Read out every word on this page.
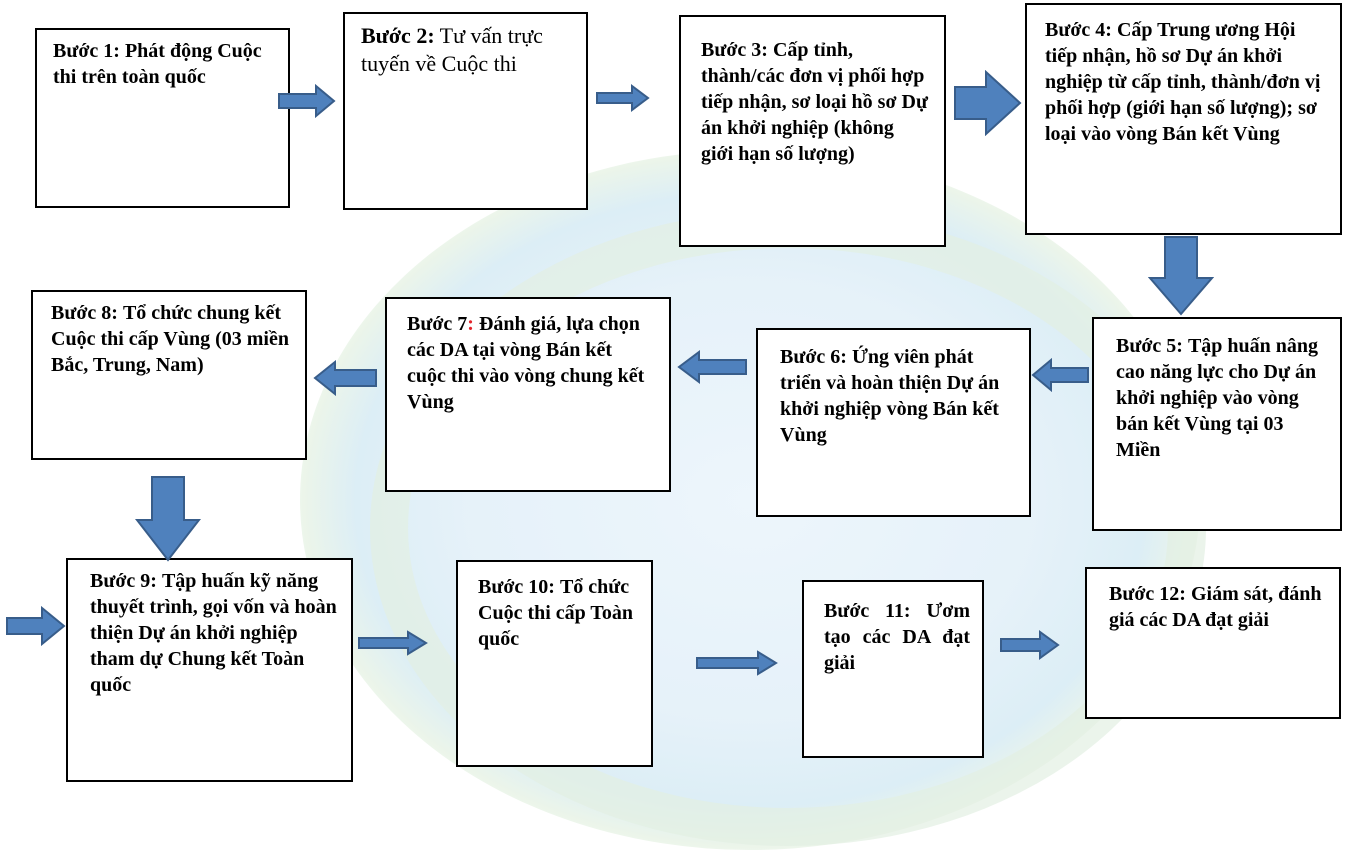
Bước 1: Phát động Cuộc thi trên toàn quốc
Bước 2: Tư vấn trực tuyến về Cuộc thi
Bước 3: Cấp tỉnh, thành/các đơn vị phối hợp tiếp nhận, sơ loại hồ sơ Dự án khởi nghiệp (không giới hạn số lượng)
Bước 4: Cấp Trung ương Hội tiếp nhận, hồ sơ Dự án khởi nghiệp từ cấp tỉnh, thành/đơn vị phối hợp (giới hạn số lượng); sơ loại vào vòng Bán kết Vùng
Bước 5: Tập huấn nâng cao năng lực cho Dự án khởi nghiệp vào vòng bán kết Vùng tại 03 Miền
Bước 6: Ứng viên phát triển và hoàn thiện Dự án khởi nghiệp vòng Bán kết Vùng
Bước 7: Đánh giá, lựa chọn các DA tại vòng Bán kết cuộc thi vào vòng chung kết Vùng
Bước 8: Tổ chức chung kết Cuộc thi cấp Vùng (03 miền Bắc, Trung, Nam)
Bước 9: Tập huấn kỹ năng thuyết trình, gọi vốn và hoàn thiện Dự án khởi nghiệp tham dự Chung kết Toàn quốc
Bước 10: Tổ chức Cuộc thi cấp Toàn quốc
Bước 11: Ươm tạo các DA đạt giải
Bước 12: Giám sát, đánh giá các DA đạt giải
